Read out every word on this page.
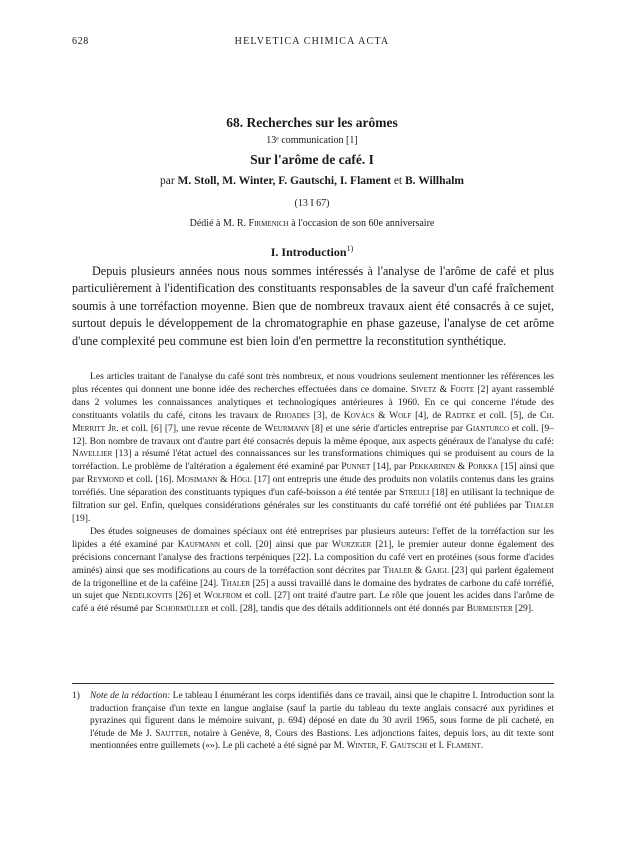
628	HELVETICA CHIMICA ACTA
68. Recherches sur les arômes
13ᵉ communication [1]
Sur l'arôme de café. I
par M. Stoll, M. Winter, F. Gautschi, I. Flament et B. Willhalm
(13 I 67)
Dédié à M. R. Firmenich à l'occasion de son 60e anniversaire
I. Introduction$^{1)}$

Depuis plusieurs années nous nous sommes intéressés à l'analyse de l'arôme de café et plus particulièrement à l'identification des constituants responsables de la saveur d'un café fraîchement soumis à une torréfaction moyenne. Bien que de nombreux travaux aient été consacrés à ce sujet, surtout depuis le développement de la chromatographie en phase gazeuse, l'analyse de cet arôme d'une complexité peu commune est bien loin d'en permettre la reconstitution synthétique.

Les articles traitant de l'analyse du café sont très nombreux, et nous voudrions seulement mentionner les références les plus récentes qui donnent une bonne idée des recherches effectuées dans ce domaine. Sivetz & Foote [2] ayant rassemblé dans 2 volumes les connaissances analytiques et technologiques antérieures à 1960. En ce qui concerne l'étude des constituants volatils du café, citons les travaux de Rhoades [3], de Kovács & Wolf [4], de Radtke et coll. [5], de Ch. Merritt Jr. et coll. [6] [7], une revue récente de Weurmann [8] et une série d'articles entreprise par Gianturco et coll. [9–12]. Bon nombre de travaux ont d'autre part été consacrés depuis la même époque, aux aspects généraux de l'analyse du café: Navellier [13] a résumé l'état actuel des connaissances sur les transformations chimiques qui se produisent au cours de la torréfaction. Le problème de l'altération a également été examiné par Punnet [14], par Pekkarinen & Porkka [15] ainsi que par Reymond et coll. [16]. Mosimann & Högl [17] ont entrepris une étude des produits non volatils contenus dans les grains torréfiés. Une séparation des constituants typiques d'un café-boisson a été tentée par Streuli [18] en utilisant la technique de filtration sur gel. Enfin, quelques considérations générales sur les constituants du café torréfié ont été publiées par Thaler [19].

Des études soigneuses de domaines spéciaux ont été entreprises par plusieurs auteurs: l'effet de la torréfaction sur les lipides a été examiné par Kaufmann et coll. [20] ainsi que par Wurziger [21], le premier auteur donne également des précisions concernant l'analyse des fractions terpéniques [22]. La composition du café vert en protéines (sous forme d'acides aminés) ainsi que ses modifications au cours de la torréfaction sont décrites par Thaler & Gaigl [23] qui parlent également de la trigonelline et de la caféine [24]. Thaler [25] a aussi travaillé dans le domaine des hydrates de carbone du café torréfié, un sujet que Nedelkovits [26] et Wolfrom et coll. [27] ont traité d'autre part. Le rôle que jouent les acides dans l'arôme de café a été résumé par Schormüller et coll. [28], tandis que des détails additionnels ont été donnés par Burmeister [29].

1) Note de la rédaction: Le tableau I énumérant les corps identifiés dans ce travail, ainsi que le chapitre I. Introduction sont la traduction française d'un texte en langue anglaise (sauf la partie du tableau du texte anglais consacré aux pyridines et pyrazines qui figurent dans le mémoire suivant, p. 694) déposé en date du 30 avril 1965, sous forme de pli cacheté, en l'étude de Me J. Sautter, notaire à Genève, 8, Cours des Bastions. Les adjonctions faites, depuis lors, au dit texte sont mentionnées entre guillemets («»). Le pli cacheté a été signé par M. Winter, F. Gautschi et I. Flament.
